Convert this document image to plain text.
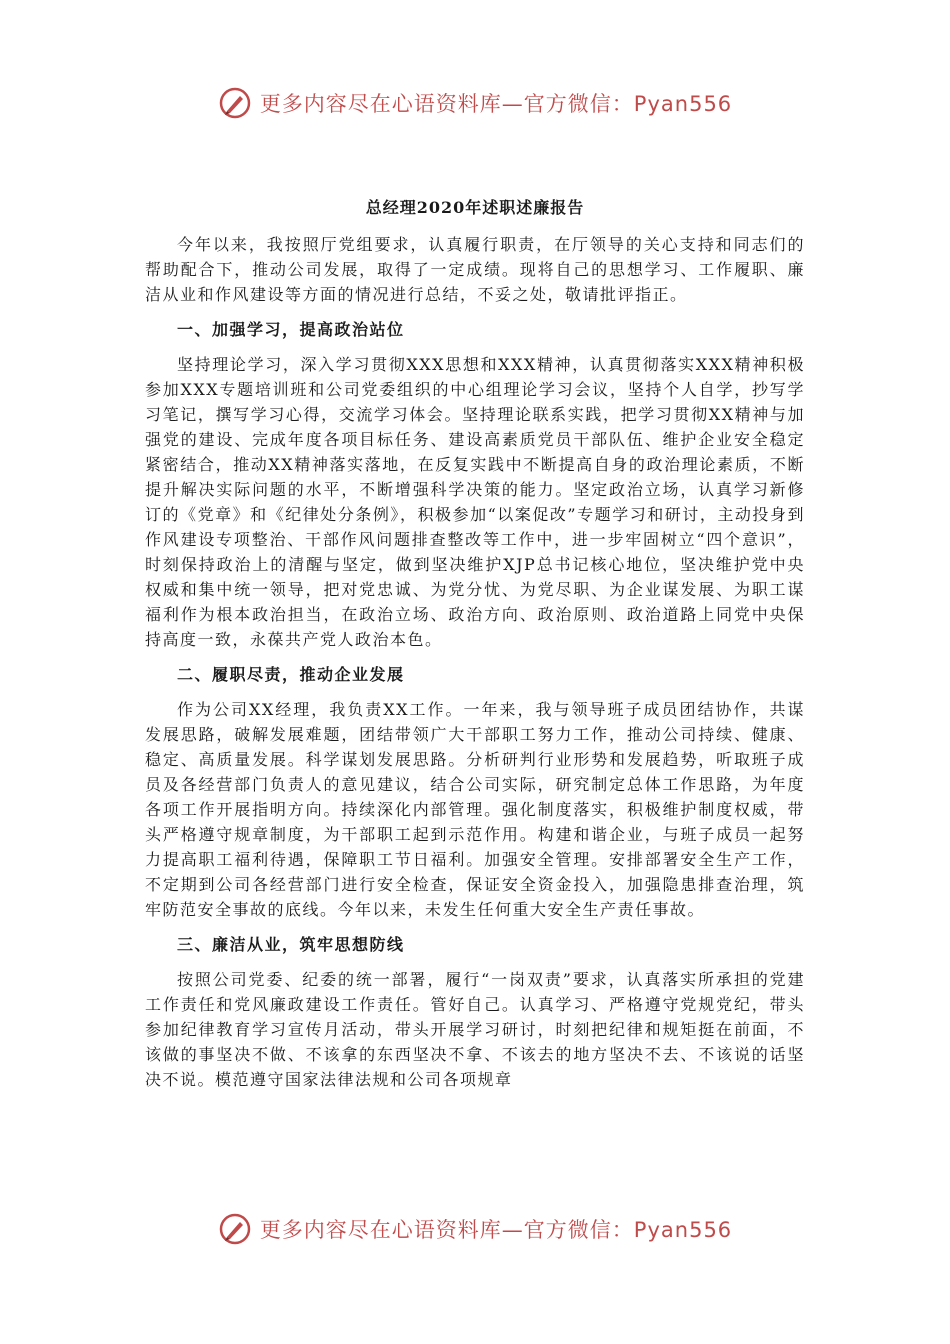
更多内容尽在心语资料库—官方微信：Pyan556
总经理2020年述职述廉报告

今年以来，我按照厅党组要求，认真履行职责，在厅领导的关心支持和同志们的帮助配合下，推动公司发展，取得了一定成绩。现将自己的思想学习、工作履职、廉洁从业和作风建设等方面的情况进行总结，不妥之处，敬请批评指正。

一、加强学习，提高政治站位

坚持理论学习，深入学习贯彻XXX思想和XXX精神，认真贯彻落实XXX精神积极参加XXX专题培训班和公司党委组织的中心组理论学习会议，坚持个人自学，抄写学习笔记，撰写学习心得，交流学习体会。坚持理论联系实践，把学习贯彻XX精神与加强党的建设、完成年度各项目标任务、建设高素质党员干部队伍、维护企业安全稳定紧密结合，推动XX精神落实落地，在反复实践中不断提高自身的政治理论素质，不断提升解决实际问题的水平，不断增强科学决策的能力。坚定政治立场，认真学习新修订的《党章》和《纪律处分条例》，积极参加“以案促改”专题学习和研讨，主动投身到作风建设专项整治、干部作风问题排查整改等工作中，进一步牢固树立“四个意识”，时刻保持政治上的清醒与坚定，做到坚决维护XJP总书记核心地位，坚决维护党中央权威和集中统一领导，把对党忠诚、为党分忧、为党尽职、为企业谋发展、为职工谋福利作为根本政治担当，在政治立场、政治方向、政治原则、政治道路上同党中央保持高度一致，永葆共产党人政治本色。

二、履职尽责，推动企业发展

作为公司XX经理，我负责XX工作。一年来，我与领导班子成员团结协作，共谋发展思路，破解发展难题，团结带领广大干部职工努力工作，推动公司持续、健康、稳定、高质量发展。科学谋划发展思路。分析研判行业形势和发展趋势，听取班子成员及各经营部门负责人的意见建议，结合公司实际，研究制定总体工作思路，为年度各项工作开展指明方向。持续深化内部管理。强化制度落实，积极维护制度权威，带头严格遵守规章制度，为干部职工起到示范作用。构建和谐企业，与班子成员一起努力提高职工福利待遇，保障职工节日福利。加强安全管理。安排部署安全生产工作，不定期到公司各经营部门进行安全检查，保证安全资金投入，加强隐患排查治理，筑牢防范安全事故的底线。今年以来，未发生任何重大安全生产责任事故。

三、廉洁从业，筑牢思想防线

按照公司党委、纪委的统一部署，履行“一岗双责”要求，认真落实所承担的党建工作责任和党风廉政建设工作责任。管好自己。认真学习、严格遵守党规党纪，带头参加纪律教育学习宣传月活动，带头开展学习研讨，时刻把纪律和规矩挺在前面，不该做的事坚决不做、不该拿的东西坚决不拿、不该去的地方坚决不去、不该说的话坚决不说。模范遵守国家法律法规和公司各项规章

更多内容尽在心语资料库—官方微信：Pyan556
